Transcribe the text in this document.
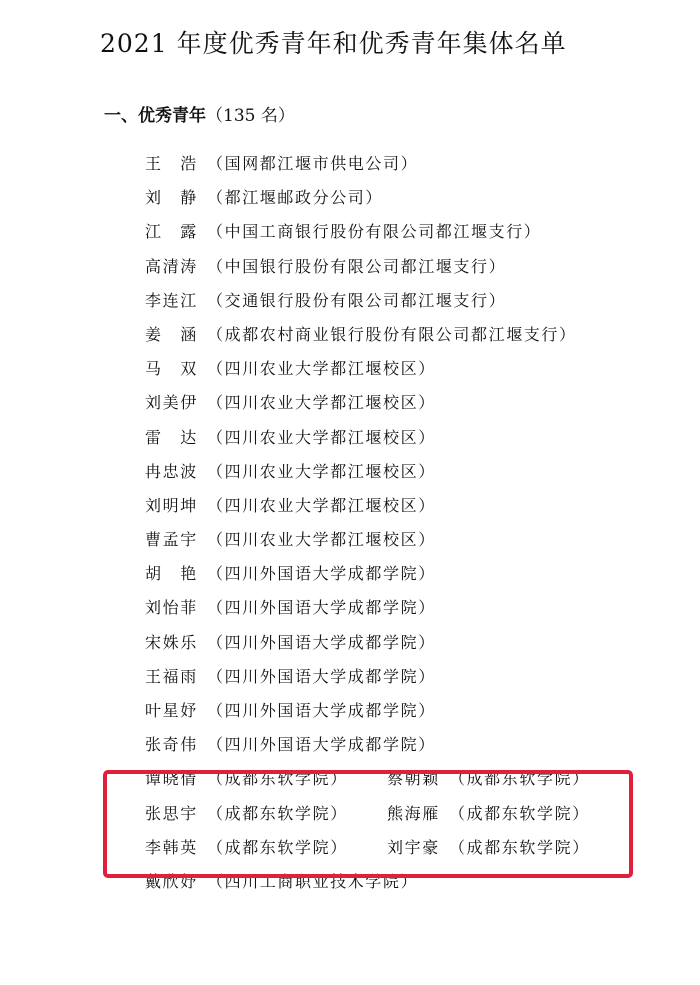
2021 年度优秀青年和优秀青年集体名单
一、优秀青年（135 名）
王　浩 （国网都江堰市供电公司）
刘　静 （都江堰邮政分公司）
江　露 （中国工商银行股份有限公司都江堰支行）
高清涛 （中国银行股份有限公司都江堰支行）
李连江 （交通银行股份有限公司都江堰支行）
姜　涵 （成都农村商业银行股份有限公司都江堰支行）
马　双 （四川农业大学都江堰校区）
刘美伊 （四川农业大学都江堰校区）
雷　达 （四川农业大学都江堰校区）
冉忠波 （四川农业大学都江堰校区）
刘明坤 （四川农业大学都江堰校区）
曹孟宇 （四川农业大学都江堰校区）
胡　艳 （四川外国语大学成都学院）
刘怡菲 （四川外国语大学成都学院）
宋姝乐 （四川外国语大学成都学院）
王福雨 （四川外国语大学成都学院）
叶星妤 （四川外国语大学成都学院）
张奇伟 （四川外国语大学成都学院）
谭晓倩 （成都东软学院） 蔡朝颖 （成都东软学院）
张思宇 （成都东软学院） 熊海雁 （成都东软学院）
李韩英 （成都东软学院） 刘宇豪 （成都东软学院）
戴欣妤 （四川工商职业技术学院）
